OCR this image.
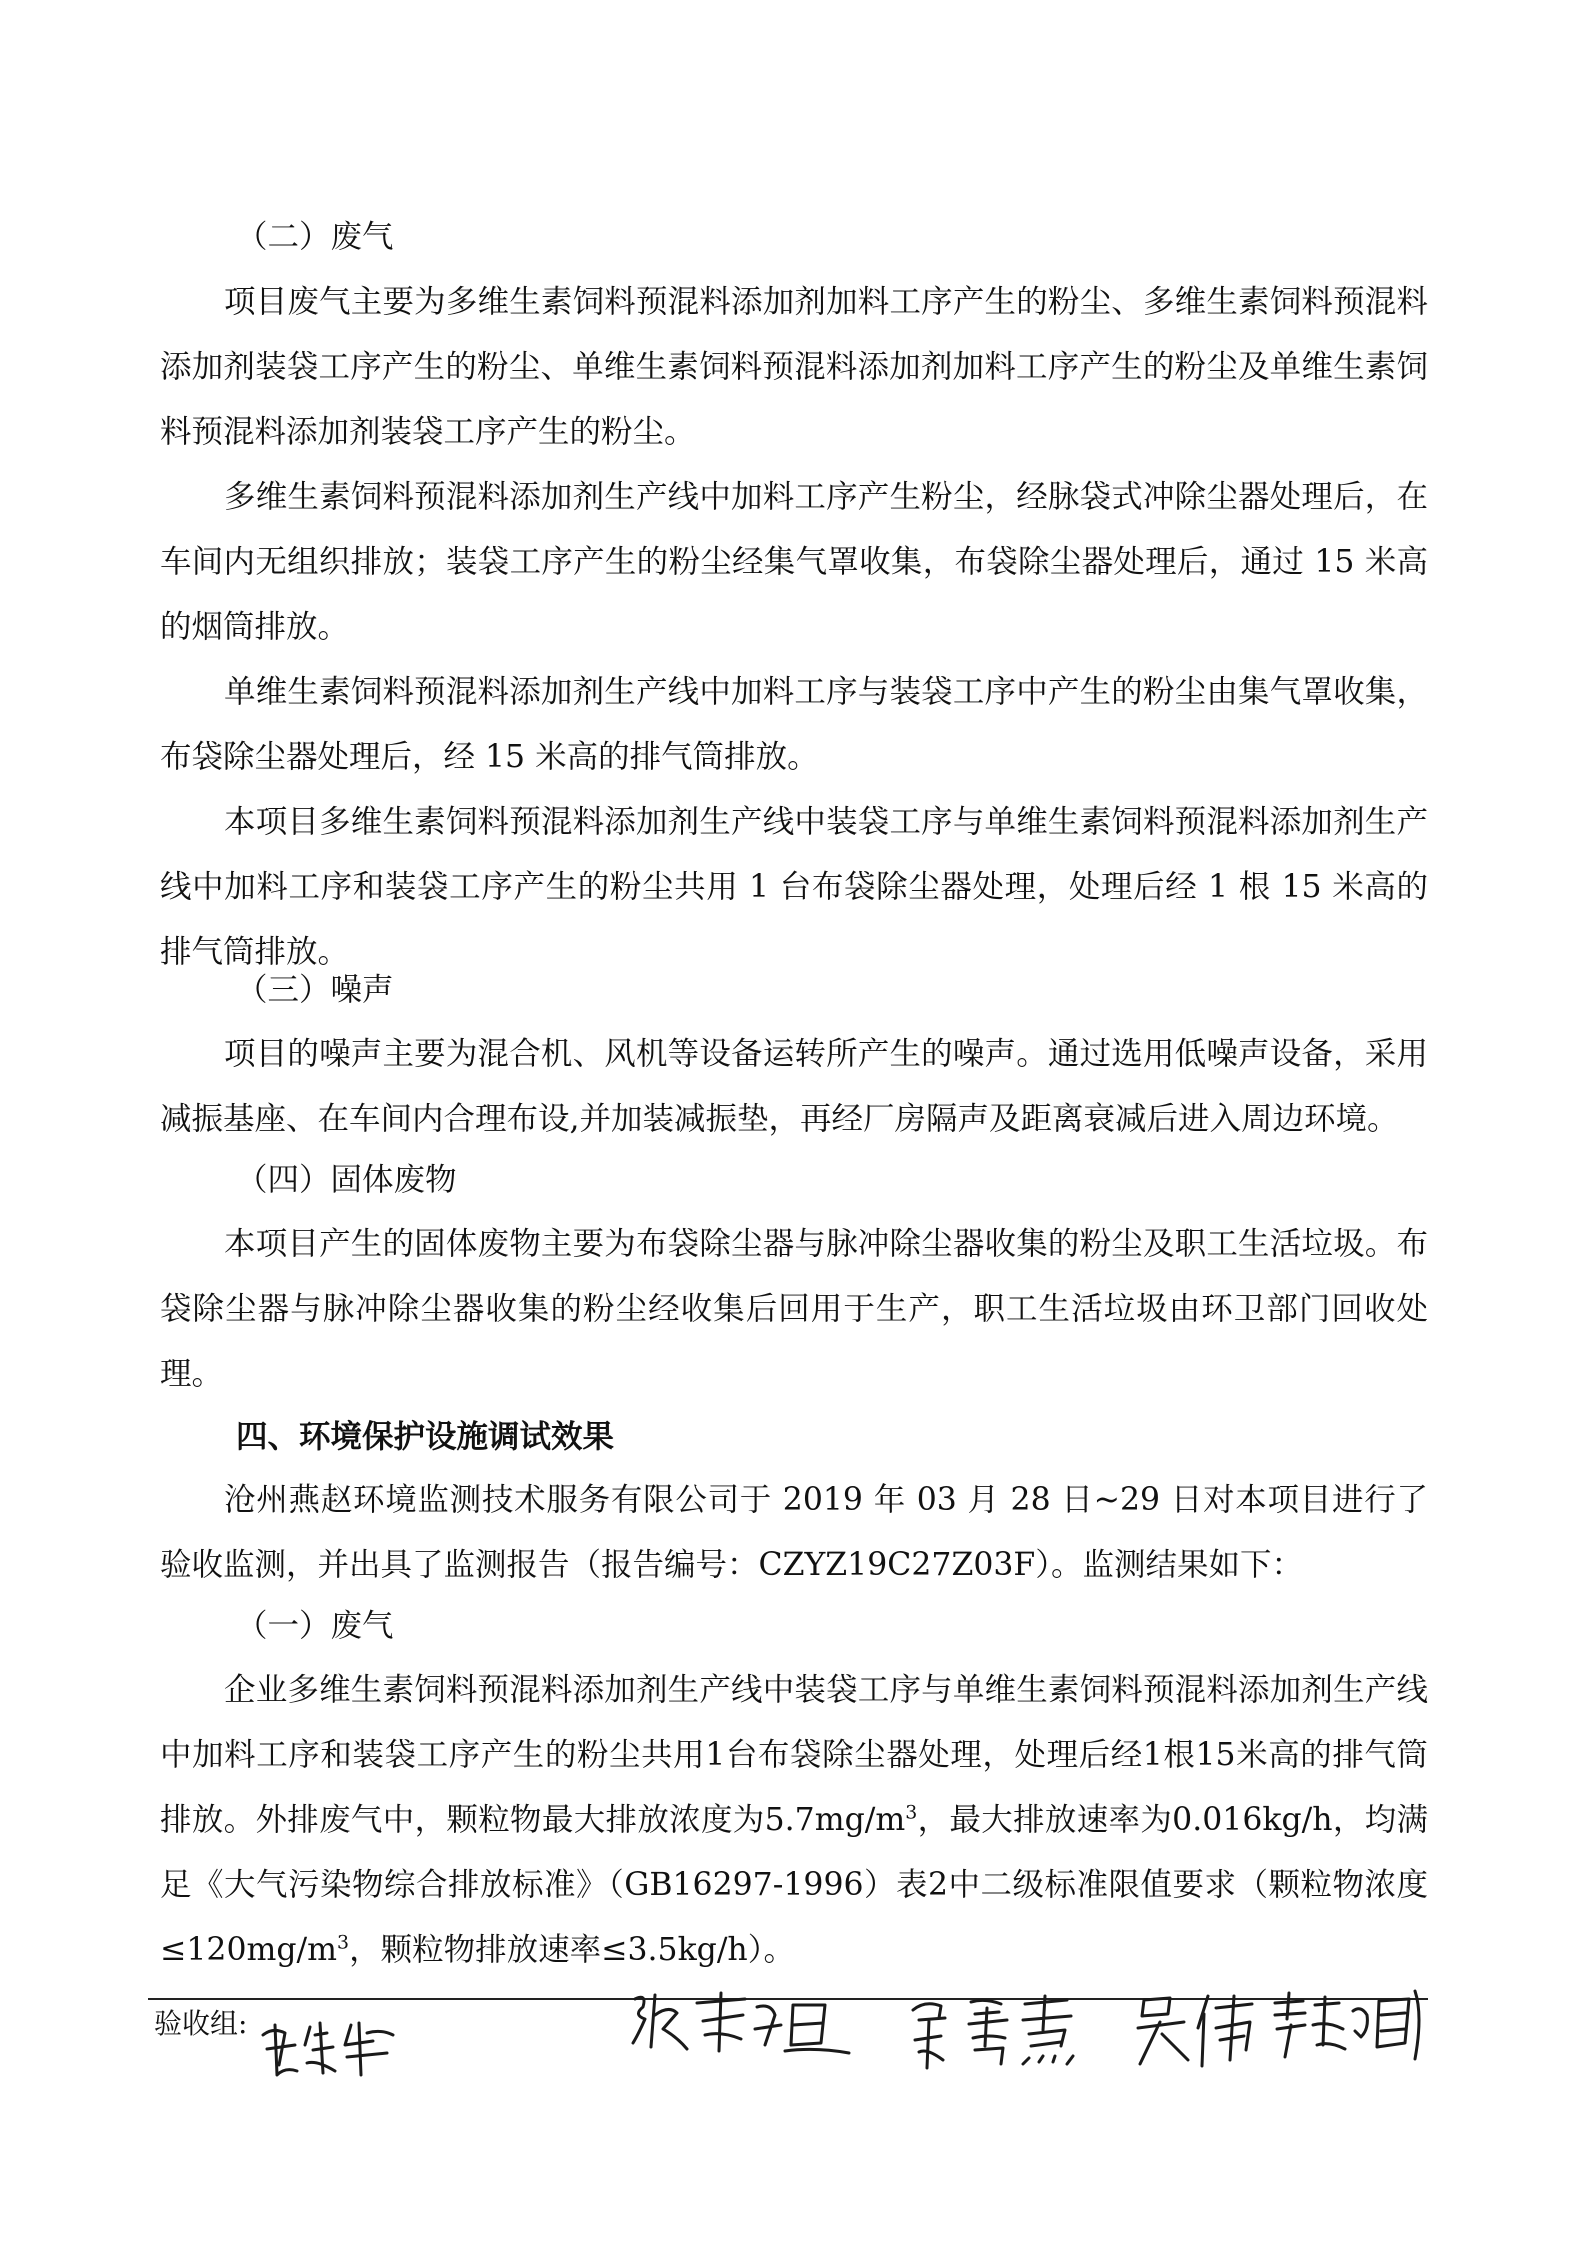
（二）废气
项目废气主要为多维生素饲料预混料添加剂加料工序产生的粉尘、多维生素饲料预混料添加剂装袋工序产生的粉尘、单维生素饲料预混料添加剂加料工序产生的粉尘及单维生素饲料预混料添加剂装袋工序产生的粉尘。
多维生素饲料预混料添加剂生产线中加料工序产生粉尘，经脉袋式冲除尘器处理后，在车间内无组织排放；装袋工序产生的粉尘经集气罩收集，布袋除尘器处理后，通过 15 米高的烟筒排放。
单维生素饲料预混料添加剂生产线中加料工序与装袋工序中产生的粉尘由集气罩收集，布袋除尘器处理后，经 15 米高的排气筒排放。
本项目多维生素饲料预混料添加剂生产线中装袋工序与单维生素饲料预混料添加剂生产线中加料工序和装袋工序产生的粉尘共用 1 台布袋除尘器处理，处理后经 1 根 15 米高的排气筒排放。
（三）噪声
项目的噪声主要为混合机、风机等设备运转所产生的噪声。通过选用低噪声设备，采用减振基座、在车间内合理布设,并加装减振垫，再经厂房隔声及距离衰减后进入周边环境。
（四）固体废物
本项目产生的固体废物主要为布袋除尘器与脉冲除尘器收集的粉尘及职工生活垃圾。布袋除尘器与脉冲除尘器收集的粉尘经收集后回用于生产，职工生活垃圾由环卫部门回收处理。
四、环境保护设施调试效果
沧州燕赵环境监测技术服务有限公司于 2019 年 03 月 28 日~29 日对本项目进行了验收监测，并出具了监测报告（报告编号：CZYZ19C27Z03F）。监测结果如下：
（一）废气
企业多维生素饲料预混料添加剂生产线中装袋工序与单维生素饲料预混料添加剂生产线中加料工序和装袋工序产生的粉尘共用1台布袋除尘器处理，处理后经1根15米高的排气筒排放。外排废气中，颗粒物最大排放浓度为$5.7mg/m^3$，最大排放速率为0.016kg/h，均满足《大气污染物综合排放标准》（GB16297-1996）表2中二级标准限值要求（颗粒物浓度$\le 120mg/m^3$，颗粒物排放速率≤3.5kg/h）。
验收组:
